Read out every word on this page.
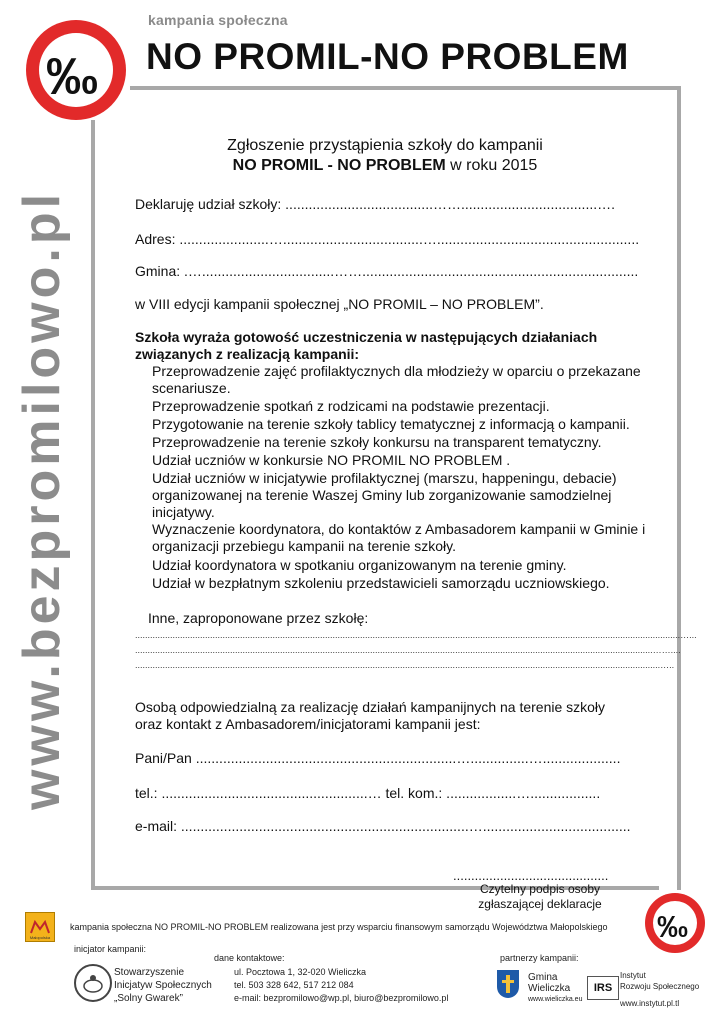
kampania społeczna
NO PROMIL-NO PROBLEM
‰
www.bezpromilowo.pl
Zgłoszenie przystąpienia szkoły do kampanii
NO PROMIL - NO PROBLEM w roku 2015
Deklaruję udział szkoły: ......................................……...................................….
Adres: .......................…....................................…....................................................
Gmina: .…..................................…….......................................................................
w VIII edycji kampanii społecznej „NO PROMIL – NO PROBLEM”.
Szkoła wyraża gotowość uczestniczenia w następujących działaniach
związanych z realizacją kampanii:
Przeprowadzenie zajęć profilaktycznych dla młodzieży w oparciu o przekazane scenariusze.
Przeprowadzenie spotkań z rodzicami na podstawie prezentacji.
Przygotowanie na terenie szkoły tablicy tematycznej z informacją o kampanii.
Przeprowadzenie na terenie szkoły konkursu na transparent tematyczny.
Udział uczniów w konkursie NO PROMIL NO PROBLEM .
Udział uczniów w inicjatywie profilaktycznej (marszu, happeningu, debacie) organizowanej na terenie Waszej Gminy lub zorganizowanie samodzielnej inicjatywy.
Wyznaczenie koordynatora, do kontaktów z Ambasadorem kampanii w Gminie i organizacji przebiegu kampanii na terenie szkoły.
Udział koordynatora w spotkaniu organizowanym na terenie gminy.
Udział w bezpłatnym szkoleniu przedstawicieli samorządu uczniowskiego.
Inne, zaproponowane przez szkołę:
..........................................................................................................................................................................................................................…...
...............................................................................................................................................................................................................……....
..................................................................................................................................................................................................................…..
Osobą odpowiedzialną za realizację działań kampanijnych na terenie szkoły
oraz kontakt z Ambasadorem/inicjatorami kampanii jest:
Pani/Pan ...................................................................…...............…....................
tel.: .....................................................… tel. kom.: ..................…..................
e-mail: ..........................................................................…......................................
...........................................
Czytelny podpis osoby
zgłaszającej deklaracje
Małopolska
kampania społeczna NO PROMIL-NO PROBLEM realizowana jest przy wsparciu finansowym samorządu Województwa Małopolskiego ‰
inicjator kampanii:
Stowarzyszenie
Inicjatyw Społecznych
„Solny Gwarek”
dane kontaktowe:
ul. Pocztowa 1, 32-020 Wieliczka
tel. 503 328 642, 517 212 084
e-mail: bezpromilowo@wp.pl, biuro@bezpromilowo.pl
partnerzy kampanii:
Gmina
Wieliczka
www.wieliczka.eu
IRS
Instytut
Rozwoju Społecznego
www.instytut.pl.tl
